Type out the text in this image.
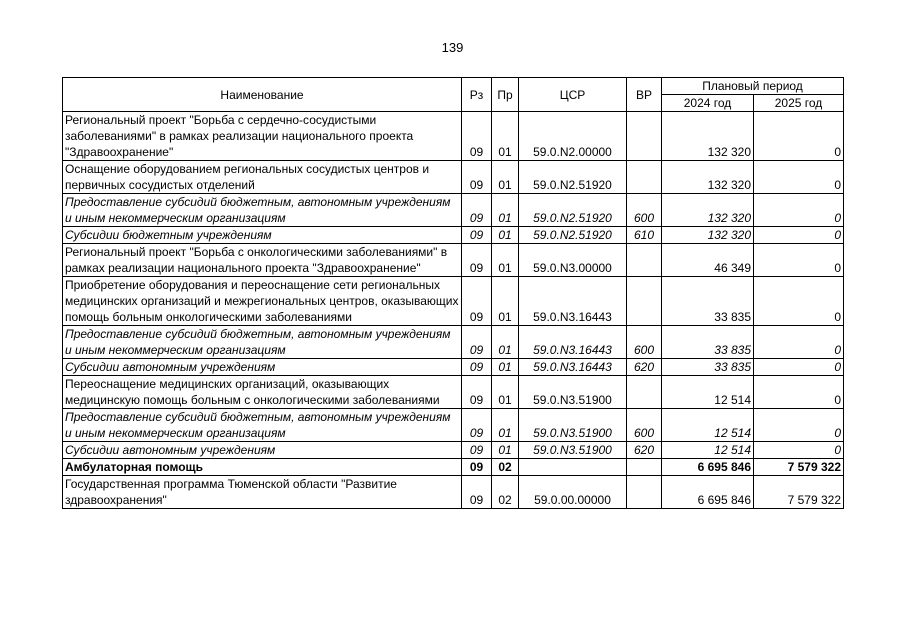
139
Наименование	Рз	Пр	ЦСР	ВР	Плановый период	
					2024 год	2025 год
Региональный проект "Борьба с сердечно-сосудистыми заболеваниями" в рамках реализации национального проекта "Здравоохранение"	09	01	59.0.N2.00000		132 320	0
Оснащение оборудованием региональных сосудистых центров и первичных сосудистых отделений	09	01	59.0.N2.51920		132 320	0
Предоставление субсидий бюджетным, автономным учреждениям и иным некоммерческим организациям	09	01	59.0.N2.51920	600	132 320	0
Субсидии бюджетным учреждениям	09	01	59.0.N2.51920	610	132 320	0
Региональный проект "Борьба с онкологическими заболеваниями" в рамках реализации национального проекта "Здравоохранение"	09	01	59.0.N3.00000		46 349	0
Приобретение оборудования и переоснащение сети региональных медицинских организаций и межрегиональных центров, оказывающих помощь больным онкологическими заболеваниями	09	01	59.0.N3.16443		33 835	0
Предоставление субсидий бюджетным, автономным учреждениям и иным некоммерческим организациям	09	01	59.0.N3.16443	600	33 835	0
Субсидии автономным учреждениям	09	01	59.0.N3.16443	620	33 835	0
Переоснащение медицинских организаций, оказывающих медицинскую помощь больным с онкологическими заболеваниями	09	01	59.0.N3.51900		12 514	0
Предоставление субсидий бюджетным, автономным учреждениям и иным некоммерческим организациям	09	01	59.0.N3.51900	600	12 514	0
Субсидии автономным учреждениям	09	01	59.0.N3.51900	620	12 514	0
Амбулаторная помощь	09	02			6 695 846	7 579 322
Государственная программа Тюменской области "Развитие здравоохранения"	09	02	59.0.00.00000		6 695 846	7 579 322
